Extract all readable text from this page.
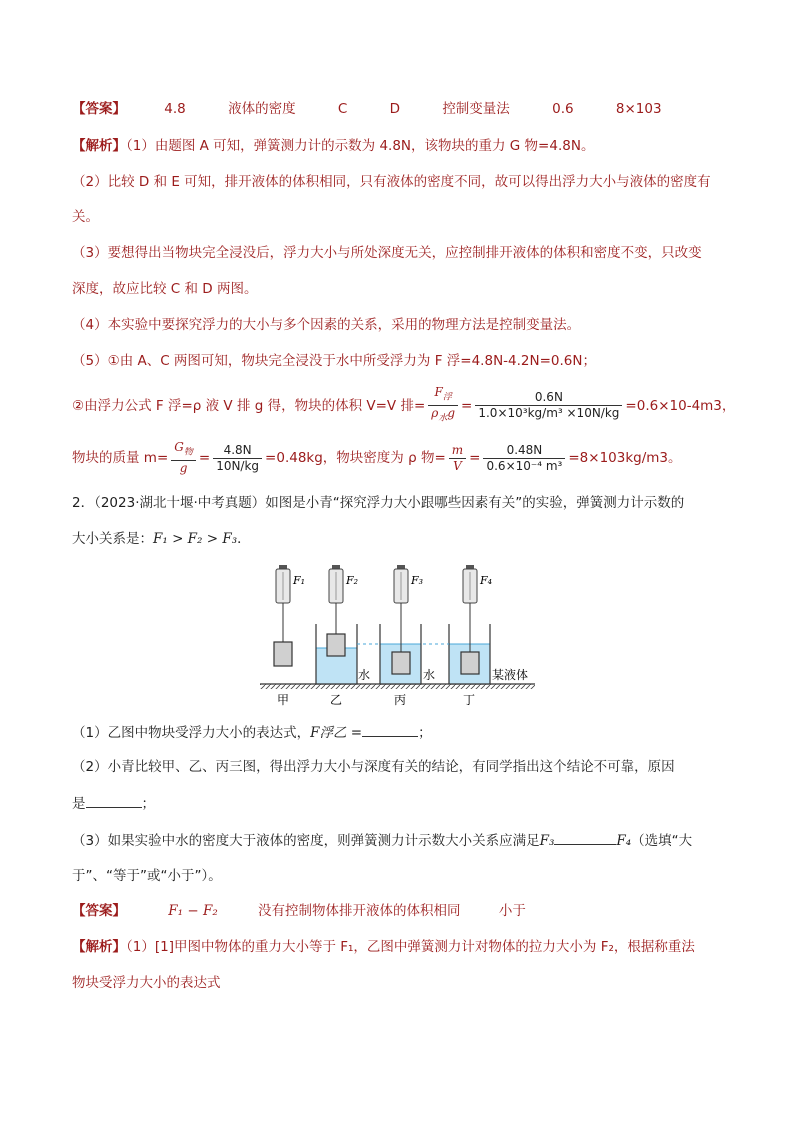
【答案】	4.8	液体的密度	C	D	控制变量法	0.6	8×103
【解析】（1）由题图 A 可知，弹簧测力计的示数为 4.8N，该物块的重力 G 物=4.8N。
（2）比较 D 和 E 可知，排开液体的体积相同，只有液体的密度不同，故可以得出浮力大小与液体的密度有
关。
（3）要想得出当物块完全浸没后，浮力大小与所处深度无关，应控制排开液体的体积和密度不变，只改变
深度，故应比较 C 和 D 两图。
（4）本实验中要探究浮力的大小与多个因素的关系，采用的物理方法是控制变量法。
（5）①由 A、C 两图可知，物块完全浸没于水中所受浮力为 F 浮=4.8N-4.2N=0.6N；
②由浮力公式 F 浮=ρ 液 V 排 g 得，物块的体积 V=V 排= $\frac{F_浮}{\rho_水g} = \frac{0.6N}{\text{1.0×10³kg/m³ ×10N/kg}} =0.6\times 10-4m3$，
物块的质量 $m= \frac{G_物}{g} = \frac{4.8N}{10N/kg} =0.48kg$，物块密度为 ρ 物= $\frac{m}{V} = \frac{0.48N}{\text{0.6×10⁻⁴ m³}} =8\times 103kg/m3$。
2．（2023·湖北十堰·中考真题）如图是小青“探究浮力大小跟哪些因素有关”的实验，弹簧测力计示数的
大小关系是：F₁ > F₂ > F₃．
F₁	F₂	F₃	F₄
水	水	某液体
甲	乙	丙	丁
（1）乙图中物块受浮力大小的表达式，F浮乙 =	；
（2）小青比较甲、乙、丙三图，得出浮力大小与深度有关的结论，有同学指出这个结论不可靠，原因
是	；
（3）如果实验中水的密度大于液体的密度，则弹簧测力计示数大小关系应满足F₃	F₄（选填“大
于”、“等于”或“小于”）。
【答案】	F₁ − F₂	没有控制物体排开液体的体积相同	小于
【解析】（1）[1]甲图中物体的重力大小等于 F₁，乙图中弹簧测力计对物体的拉力大小为 F₂，根据称重法
物块受浮力大小的表达式
